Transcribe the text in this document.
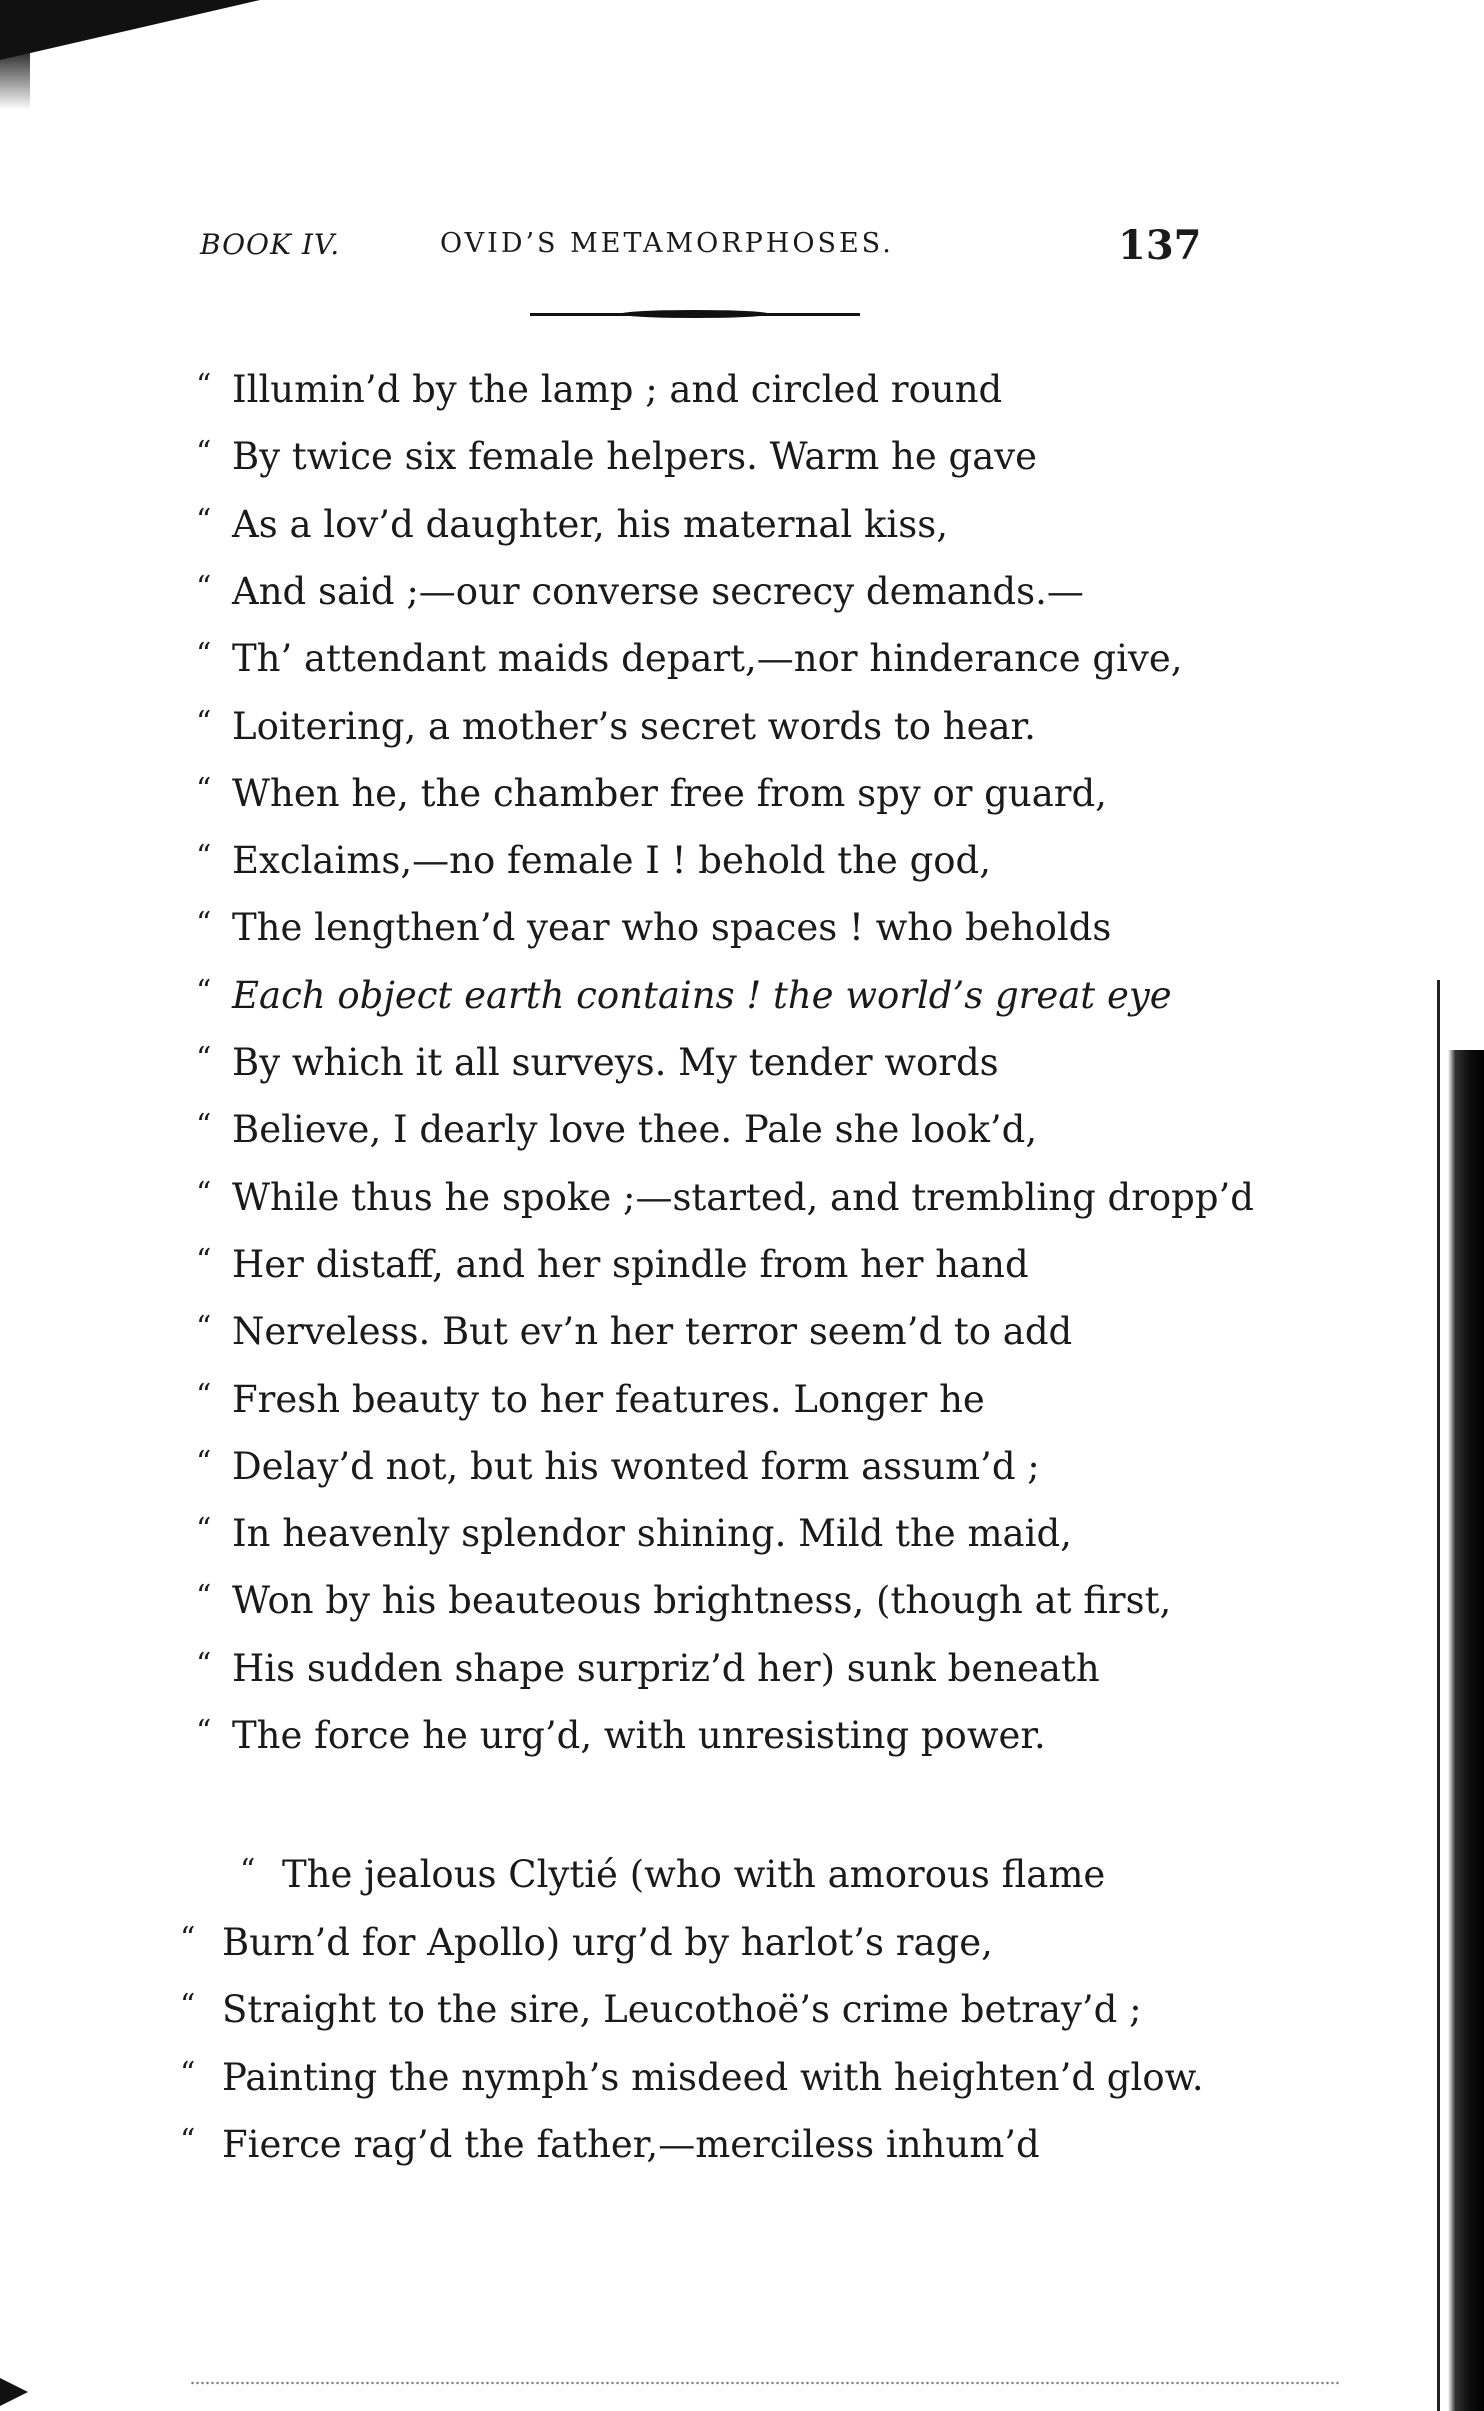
BOOK IV.	OVID’S METAMORPHOSES.	137
“ Illumin’d by the lamp ; and circled round
“ By twice six female helpers. Warm he gave
“ As a lov’d daughter, his maternal kiss,
“ And said ;—our converse secrecy demands.—
“ Th’ attendant maids depart,—nor hinderance give,
“ Loitering, a mother’s secret words to hear.
“ When he, the chamber free from spy or guard,
“ Exclaims,—no female I ! behold the god,
“ The lengthen’d year who spaces ! who beholds
“ Each object earth contains ! the world’s great eye
“ By which it all surveys. My tender words
“ Believe, I dearly love thee. Pale she look’d,
“ While thus he spoke ;—started, and trembling dropp’d
“ Her distaff, and her spindle from her hand
“ Nerveless. But ev’n her terror seem’d to add
“ Fresh beauty to her features. Longer he
“ Delay’d not, but his wonted form assum’d ;
“ In heavenly splendor shining. Mild the maid,
“ Won by his beauteous brightness, (though at first,
“ His sudden shape surpriz’d her) sunk beneath
“ The force he urg’d, with unresisting power.
“ The jealous Clytié (who with amorous flame
“ Burn’d for Apollo) urg’d by harlot’s rage,
“ Straight to the sire, Leucothoë’s crime betray’d ;
“ Painting the nymph’s misdeed with heighten’d glow.
“ Fierce rag’d the father,—merciless inhum’d
